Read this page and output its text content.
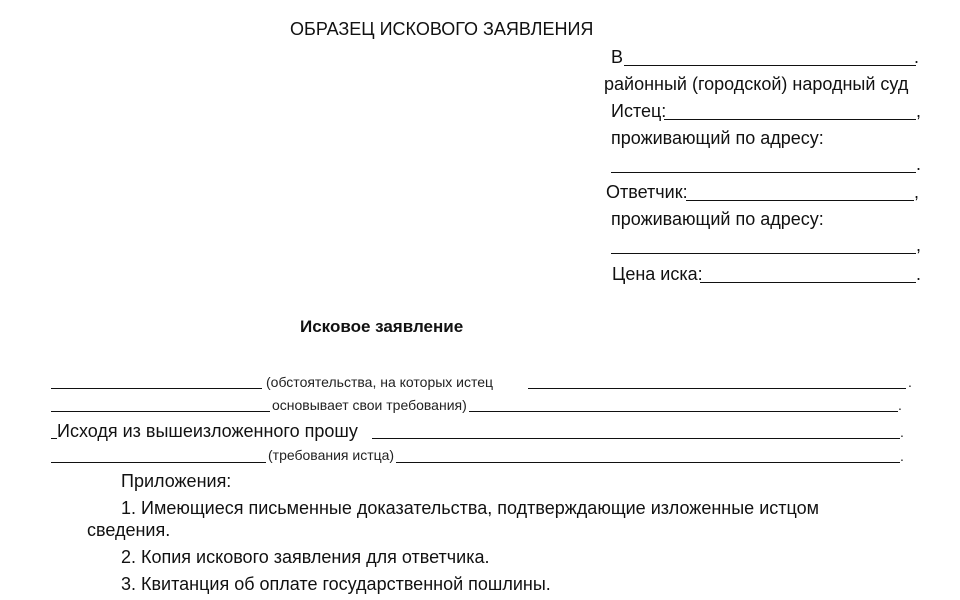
ОБРАЗЕЦ ИСКОВОГО ЗАЯВЛЕНИЯ
В	.
районный (городской) народный суд
Истец:	,
проживающий по адресу:
.
Ответчик:	,
проживающий по адресу:
,
Цена иска:	.
Исковое заявление
(обстоятельства, на которых истец	.
основывает свои требования)	.
Исходя из вышеизложенного прошу	.
(требования истца)	.
Приложения:
1. Имеющиеся письменные доказательства, подтверждающие изложенные истцом
сведения.
2. Копия искового заявления для ответчика.
3. Квитанция об оплате государственной пошлины.
